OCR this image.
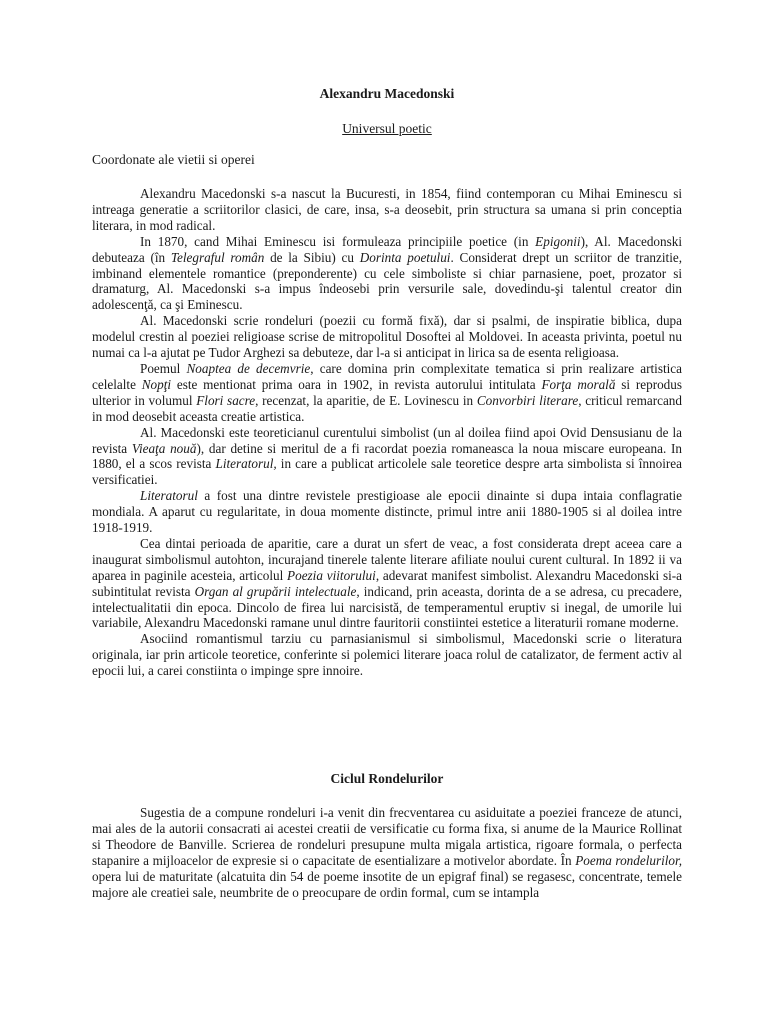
Alexandru Macedonski
Universul poetic
Coordonate ale vietii si operei

Alexandru Macedonski s-a nascut la Bucuresti, in 1854, fiind contemporan cu Mihai Eminescu si intreaga generatie a scriitorilor clasici, de care, insa, s-a deosebit, prin structura sa umana si prin conceptia literara, in mod radical.

In 1870, cand Mihai Eminescu isi formuleaza principiile poetice (in Epigonii), Al. Macedonski debuteaza (în Telegraful român de la Sibiu) cu Dorinta poetului. Considerat drept un scriitor de tranzitie, imbinand elementele romantice (preponderente) cu cele simboliste si chiar parnasiene, poet, prozator si dramaturg, Al. Macedonski s-a impus îndeosebi prin versurile sale, dovedindu-şi talentul creator din adolescenţă, ca şi Eminescu.

Al. Macedonski scrie rondeluri (poezii cu formă fixă), dar si psalmi, de inspiratie biblica, dupa modelul crestin al poeziei religioase scrise de mitropolitul Dosoftei al Moldovei. In aceasta privinta, poetul nu numai ca l-a ajutat pe Tudor Arghezi sa debuteze, dar l-a si anticipat in lirica sa de esenta religioasa.

Poemul Noaptea de decemvrie, care domina prin complexitate tematica si prin realizare artistica celelalte Nopţi este mentionat prima oara in 1902, in revista autorului intitulata Forţa morală si reprodus ulterior in volumul Flori sacre, recenzat, la aparitie, de E. Lovinescu in Convorbiri literare, criticul remarcand in mod deosebit aceasta creatie artistica.

Al. Macedonski este teoreticianul curentului simbolist (un al doilea fiind apoi Ovid Densusianu de la revista Vieaţa nouă), dar detine si meritul de a fi racordat poezia romaneasca la noua miscare europeana. In 1880, el a scos revista Literatorul, in care a publicat articolele sale teoretice despre arta simbolista si înnoirea versificatiei.

Literatorul a fost una dintre revistele prestigioase ale epocii dinainte si dupa intaia conflagratie mondiala. A aparut cu regularitate, in doua momente distincte, primul intre anii 1880-1905 si al doilea intre 1918-1919.

Cea dintai perioada de aparitie, care a durat un sfert de veac, a fost considerata drept aceea care a inaugurat simbolismul autohton, incurajand tinerele talente literare afiliate noului curent cultural. In 1892 ii va aparea in paginile acesteia, articolul Poezia viitorului, adevarat manifest simbolist. Alexandru Macedonski si-a subintitulat revista Organ al grupării intelectuale, indicand, prin aceasta, dorinta de a se adresa, cu precadere, intelectualitatii din epoca. Dincolo de firea lui narcisistă, de temperamentul eruptiv si inegal, de umorile lui variabile, Alexandru Macedonski ramane unul dintre fauritorii constiintei estetice a literaturii romane moderne.

Asociind romantismul tarziu cu parnasianismul si simbolismul, Macedonski scrie o literatura originala, iar prin articole teoretice, conferinte si polemici literare joaca rolul de catalizator, de ferment activ al epocii lui, a carei constiinta o impinge spre innoire.

Ciclul Rondelurilor

Sugestia de a compune rondeluri i-a venit din frecventarea cu asiduitate a poeziei franceze de atunci, mai ales de la autorii consacrati ai acestei creatii de versificatie cu forma fixa, si anume de la Maurice Rollinat si Theodore de Banville. Scrierea de rondeluri presupune multa migala artistica, rigoare formala, o perfecta stapanire a mijloacelor de expresie si o capacitate de esentializare a motivelor abordate. În Poema rondelurilor, opera lui de maturitate (alcatuita din 54 de poeme insotite de un epigraf final) se regasesc, concentrate, temele majore ale creatiei sale, neumbrite de o preocupare de ordin formal, cum se intampla
